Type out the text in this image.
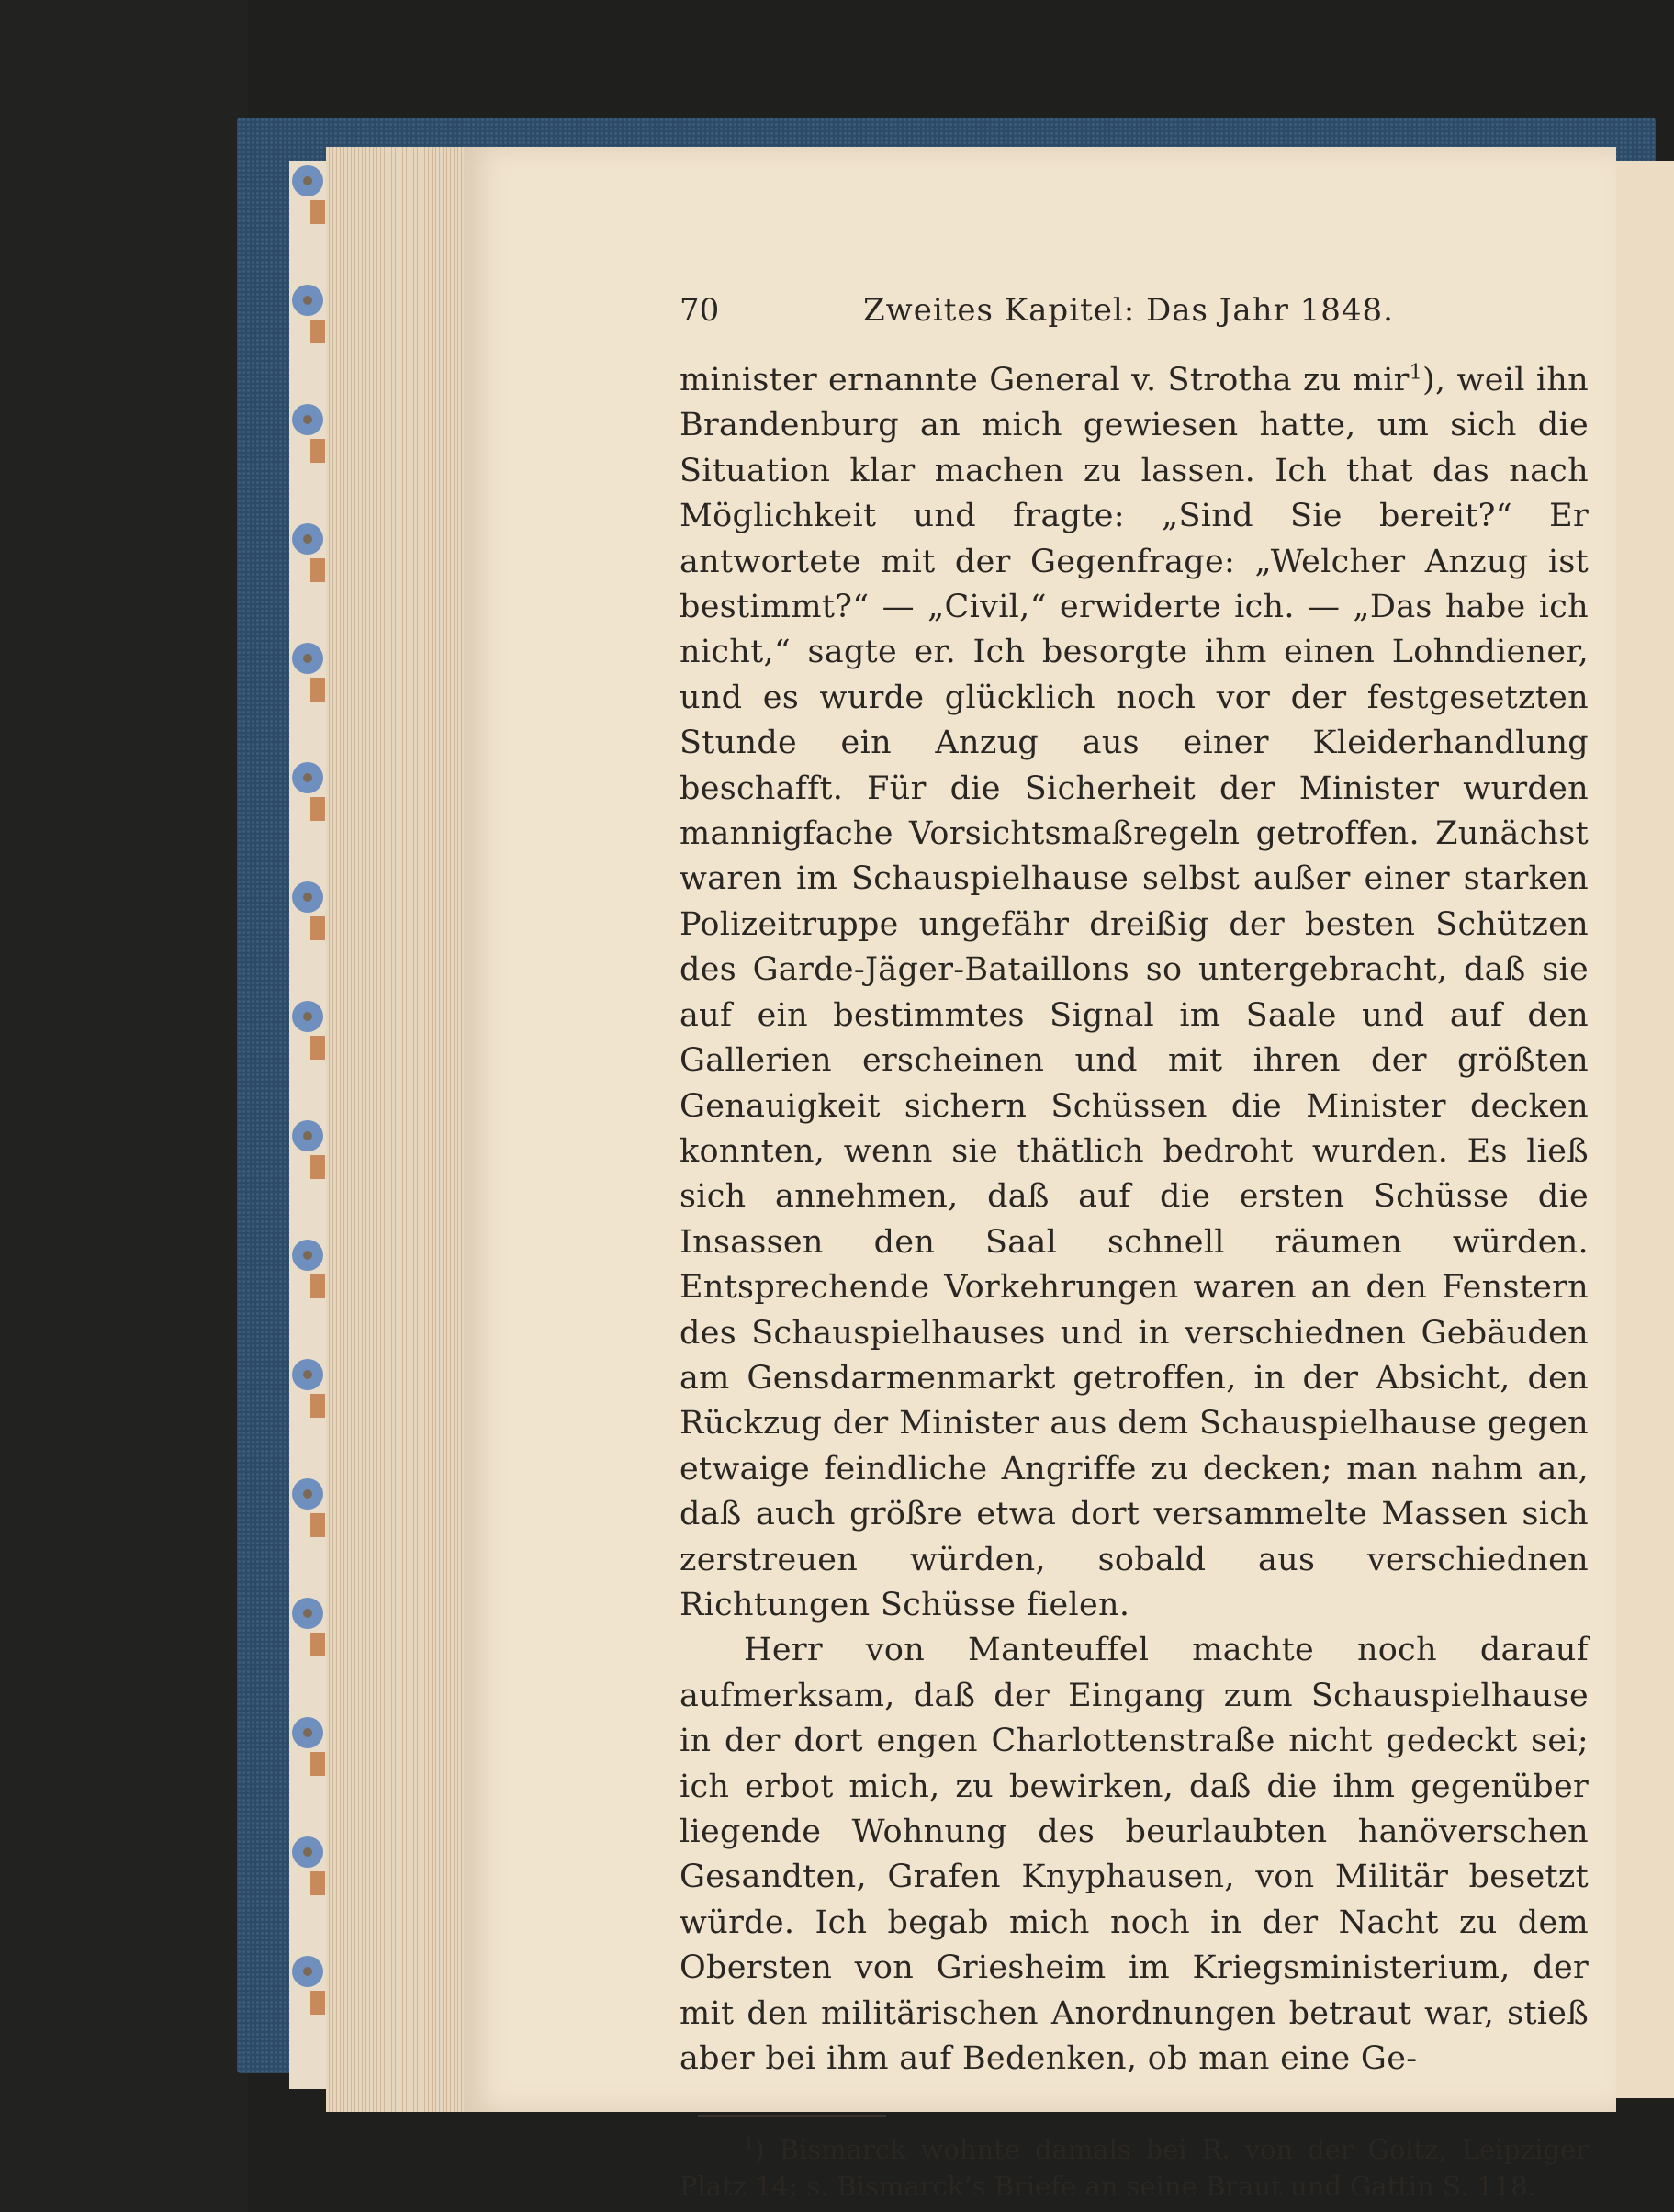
70	Zweites Kapitel: Das Jahr 1848.

minister ernannte General v. Strotha zu mir$^1$), weil ihn Brandenburg an mich gewiesen hatte, um sich die Situation klar machen zu lassen. Ich that das nach Möglichkeit und fragte: „Sind Sie bereit?“ Er antwortete mit der Gegenfrage: „Welcher Anzug ist bestimmt?“ — „Civil,“ erwiderte ich. — „Das habe ich nicht,“ sagte er. Ich besorgte ihm einen Lohndiener, und es wurde glücklich noch vor der festgesetzten Stunde ein Anzug aus einer Kleiderhandlung beschafft. Für die Sicherheit der Minister wurden mannigfache Vorsichtsmaßregeln getroffen. Zunächst waren im Schauspielhause selbst außer einer starken Polizeitruppe ungefähr dreißig der besten Schützen des Garde-Jäger-Bataillons so untergebracht, daß sie auf ein bestimmtes Signal im Saale und auf den Gallerien erscheinen und mit ihren der größten Genauigkeit sichern Schüssen die Minister decken konnten, wenn sie thätlich bedroht wurden. Es ließ sich annehmen, daß auf die ersten Schüsse die Insassen den Saal schnell räumen würden. Entsprechende Vorkehrungen waren an den Fenstern des Schauspielhauses und in verschiednen Gebäuden am Gensdarmenmarkt getroffen, in der Absicht, den Rückzug der Minister aus dem Schauspielhause gegen etwaige feindliche Angriffe zu decken; man nahm an, daß auch größre etwa dort versammelte Massen sich zerstreuen würden, sobald aus verschiednen Richtungen Schüsse fielen.

Herr von Manteuffel machte noch darauf aufmerksam, daß der Eingang zum Schauspielhause in der dort engen Charlottenstraße nicht gedeckt sei; ich erbot mich, zu bewirken, daß die ihm gegenüber liegende Wohnung des beurlaubten hanöverschen Gesandten, Grafen Knyphausen, von Militär besetzt würde. Ich begab mich noch in der Nacht zu dem Obersten von Griesheim im Kriegsministerium, der mit den militärischen Anordnungen betraut war, stieß aber bei ihm auf Bedenken, ob man eine Ge-

$^1$) Bismarck wohnte damals bei R. von der Goltz, Leipziger Platz 14; s. Bismarck’s Briefe an seine Braut und Gattin S. 118.
